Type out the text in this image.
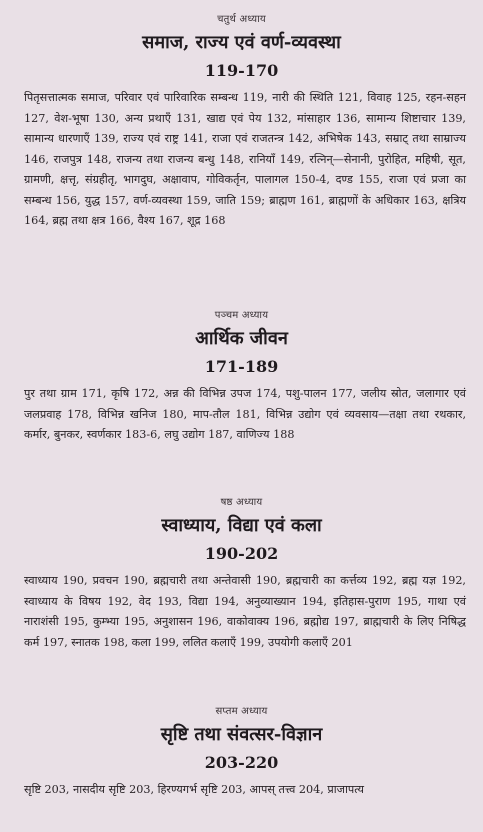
चतुर्थ अध्याय
समाज, राज्य एवं वर्ण-व्यवस्था
119-170
पितृसत्तात्मक समाज, परिवार एवं पारिवारिक सम्बन्ध 119, नारी की स्थिति 121, विवाह 125, रहन-सहन 127, वेश-भूषा 130, अन्य प्रथाएँ 131, खाद्य एवं पेय 132, मांसाहार 136, सामान्य शिष्टाचार 139, सामान्य धारणाएँ 139, राज्य एवं राष्ट्र 141, राजा एवं राजतन्त्र 142, अभिषेक 143, सम्राट् तथा साम्राज्य 146, राजपुत्र 148, राजन्य तथा राजन्य बन्धु 148, रानियाँ 149, रत्निन्—सेनानी, पुरोहित, महिषी, सूत, ग्रामणी, क्षत्तृ, संग्रहीतृ, भागदुघ, अक्षावाप, गोविकर्तृन, पालागल 150-4, दण्ड 155, राजा एवं प्रजा का सम्बन्ध 156, युद्ध 157, वर्ण-व्यवस्था 159, जाति 159; ब्राह्मण 161, ब्राह्मणों के अधिकार 163, क्षत्रिय 164, ब्रह्म तथा क्षत्र 166, वैश्य 167, शूद्र 168
पञ्चम अध्याय
आर्थिक जीवन
171-189
पुर तथा ग्राम 171, कृषि 172, अन्न की विभिन्न उपज 174, पशु-पालन 177, जलीय स्रोत, जलागार एवं जलप्रवाह 178, विभिन्न खनिज 180, माप-तौल 181, विभिन्न उद्योग एवं व्यवसाय—तक्षा तथा रथकार, कर्मार, बुनकर, स्वर्णकार 183-6, लघु उद्योग 187, वाणिज्य 188
षष्ठ अध्याय
स्वाध्याय, विद्या एवं कला
190-202
स्वाध्याय 190, प्रवचन 190, ब्रह्मचारी तथा अन्तेवासी 190, ब्रह्मचारी का कर्त्तव्य 192, ब्रह्म यज्ञ 192, स्वाध्याय के विषय 192, वेद 193, विद्या 194, अनुव्याख्यान 194, इतिहास-पुराण 195, गाथा एवं नाराशंसी 195, कुम्भ्या 195, अनुशासन 196, वाकोवाक्य 196, ब्रह्मोद्य 197, ब्राह्मचारी के लिए निषिद्ध कर्म 197, स्नातक 198, कला 199, ललित कलाएँ 199, उपयोगी कलाएँ 201
सप्तम अध्याय
सृष्टि तथा संवत्सर-विज्ञान
203-220
सृष्टि 203, नासदीय सृष्टि 203, हिरण्यगर्भ सृष्टि 203, आपस् तत्त्व 204, प्राजापत्य
